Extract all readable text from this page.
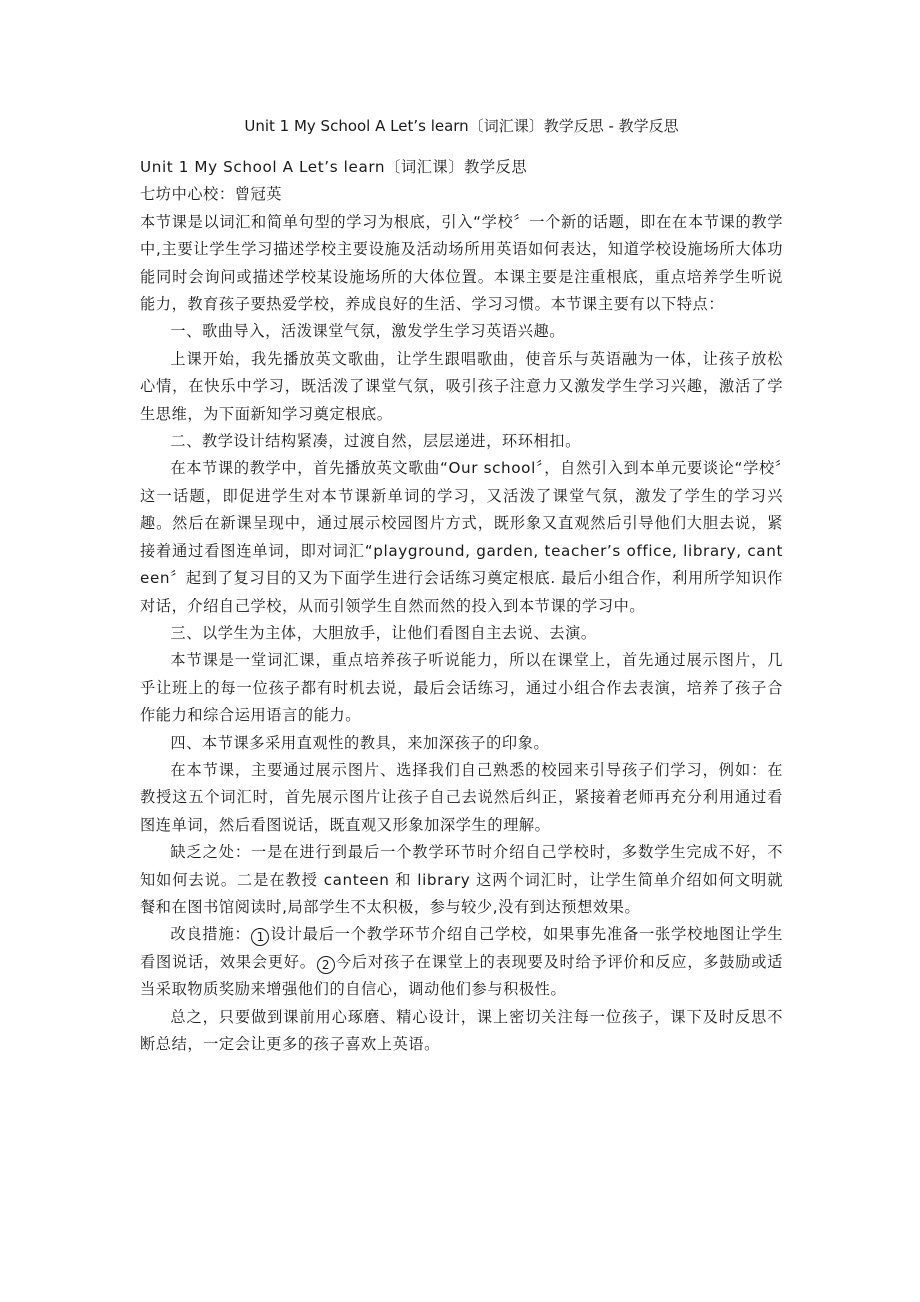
Unit 1 My School A Let’s learn〔词汇课〕教学反思 - 教学反思

Unit 1 My School A Let’s learn〔词汇课〕教学反思

七坊中心校：曾冠英

本节课是以词汇和简单句型的学习为根底，引入“学校〞一个新的话题，即在在本节课的教学中,主要让学生学习描述学校主要设施及活动场所用英语如何表达，知道学校设施场所大体功能同时会询问或描述学校某设施场所的大体位置。本课主要是注重根底，重点培养学生听说能力，教育孩子要热爱学校，养成良好的生活、学习习惯。本节课主要有以下特点：

一、歌曲导入，活泼课堂气氛，激发学生学习英语兴趣。

上课开始，我先播放英文歌曲，让学生跟唱歌曲，使音乐与英语融为一体，让孩子放松心情，在快乐中学习，既活泼了课堂气氛，吸引孩子注意力又激发学生学习兴趣，激活了学生思维，为下面新知学习奠定根底。

二、教学设计结构紧凑，过渡自然，层层递进，环环相扣。

在本节课的教学中，首先播放英文歌曲“Our school〞，自然引入到本单元要谈论“学校〞这一话题，即促进学生对本节课新单词的学习，又活泼了课堂气氛，激发了学生的学习兴趣。然后在新课呈现中，通过展示校园图片方式，既形象又直观然后引导他们大胆去说，紧接着通过看图连单词，即对词汇“playground, garden, teacher’s office, library, canteen〞起到了复习目的又为下面学生进行会话练习奠定根底. 最后小组合作，利用所学知识作对话，介绍自己学校，从而引领学生自然而然的投入到本节课的学习中。

三、以学生为主体，大胆放手，让他们看图自主去说、去演。

本节课是一堂词汇课，重点培养孩子听说能力，所以在课堂上，首先通过展示图片，几乎让班上的每一位孩子都有时机去说，最后会话练习，通过小组合作去表演，培养了孩子合作能力和综合运用语言的能力。

四、本节课多采用直观性的教具，来加深孩子的印象。

在本节课，主要通过展示图片、选择我们自己熟悉的校园来引导孩子们学习，例如：在教授这五个词汇时，首先展示图片让孩子自己去说然后纠正，紧接着老师再充分利用通过看图连单词，然后看图说话，既直观又形象加深学生的理解。

缺乏之处：一是在进行到最后一个教学环节时介绍自己学校时，多数学生完成不好，不知如何去说。二是在教授 canteen 和 library 这两个词汇时，让学生简单介绍如何文明就餐和在图书馆阅读时,局部学生不太积极，参与较少,没有到达预想效果。

改良措施： 1 设计最后一个教学环节介绍自己学校，如果事先准备一张学校地图让学生看图说话，效果会更好。 2 今后对孩子在课堂上的表现要及时给予评价和反应，多鼓励或适当采取物质奖励来增强他们的自信心，调动他们参与积极性。

总之，只要做到课前用心琢磨、精心设计，课上密切关注每一位孩子，课下及时反思不断总结，一定会让更多的孩子喜欢上英语。
